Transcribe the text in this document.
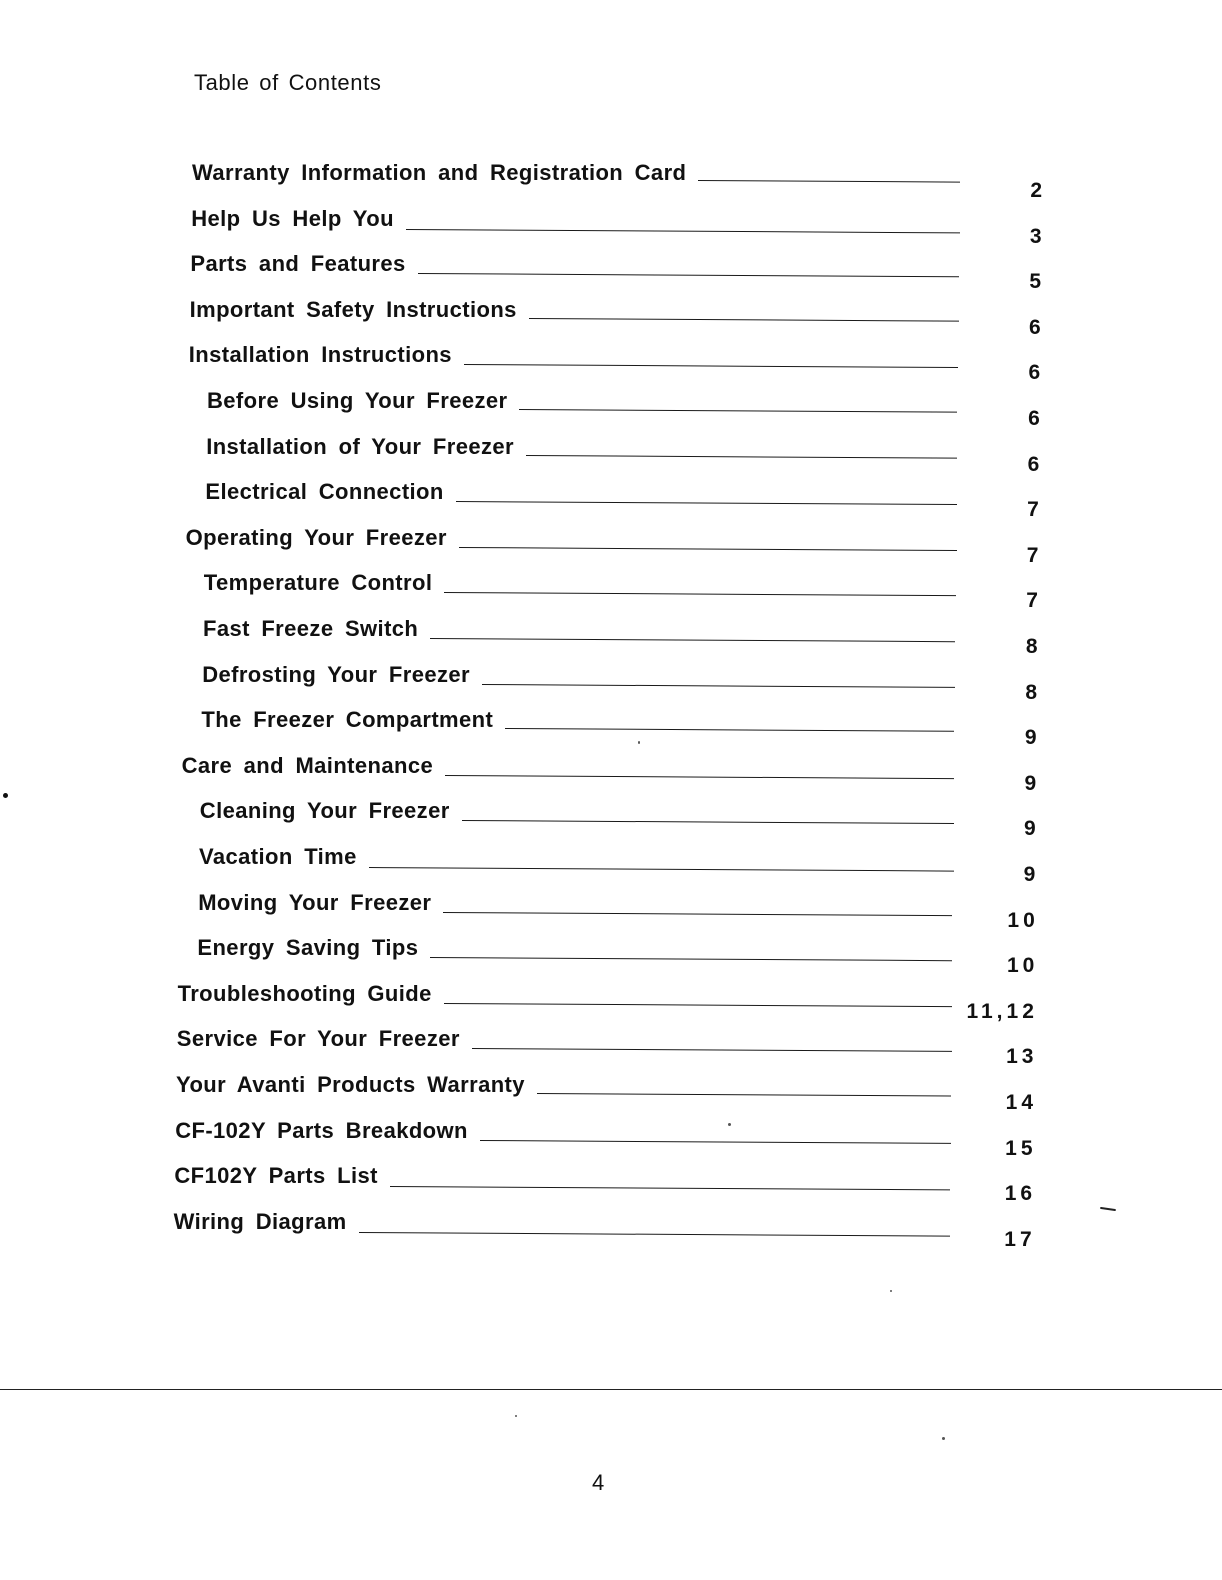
Table of Contents
Warranty Information and Registration Card
2
Help Us Help You
3
Parts and Features
5
Important Safety Instructions
6
Installation Instructions
6
Before Using Your Freezer
6
Installation of Your Freezer
6
Electrical Connection
7
Operating Your Freezer
7
Temperature Control
7
Fast Freeze Switch
8
Defrosting Your Freezer
8
The Freezer Compartment
9
Care and Maintenance
9
Cleaning Your Freezer
9
Vacation Time
9
Moving Your Freezer
10
Energy Saving Tips
10
Troubleshooting Guide
11,12
Service For Your Freezer
13
Your Avanti Products Warranty
14
CF-102Y Parts Breakdown
15
CF102Y Parts List
16
Wiring Diagram
17
4
